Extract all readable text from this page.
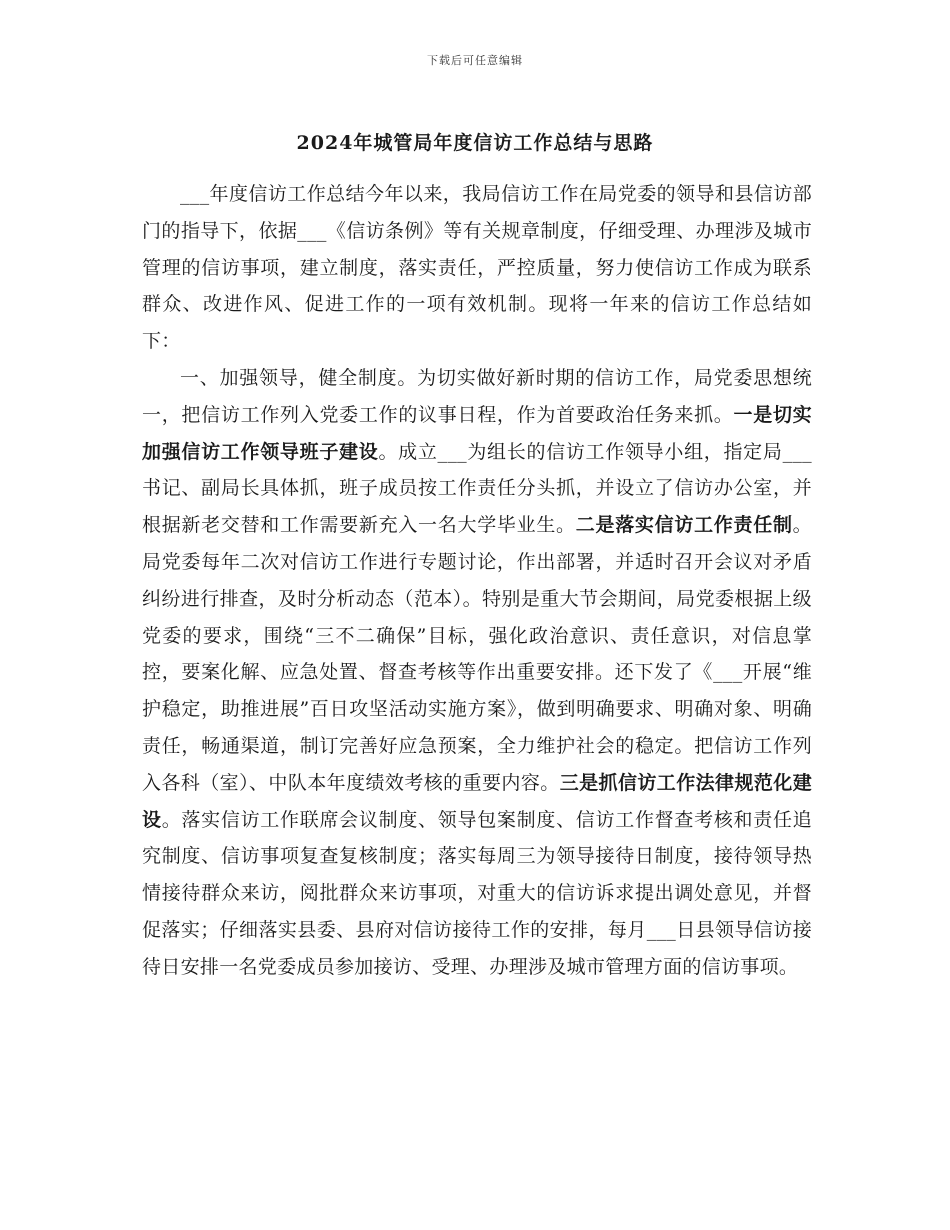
下载后可任意编辑
2024年城管局年度信访工作总结与思路

___年度信访工作总结今年以来，我局信访工作在局党委的领导和县信访部门的指导下，依据___《信访条例》等有关规章制度，仔细受理、办理涉及城市管理的信访事项，建立制度，落实责任，严控质量，努力使信访工作成为联系群众、改进作风、促进工作的一项有效机制。现将一年来的信访工作总结如下：

一、加强领导，健全制度。为切实做好新时期的信访工作，局党委思想统一，把信访工作列入党委工作的议事日程，作为首要政治任务来抓。一是切实加强信访工作领导班子建设。成立___为组长的信访工作领导小组，指定局___书记、副局长具体抓，班子成员按工作责任分头抓，并设立了信访办公室，并根据新老交替和工作需要新充入一名大学毕业生。二是落实信访工作责任制。局党委每年二次对信访工作进行专题讨论，作出部署，并适时召开会议对矛盾纠纷进行排查，及时分析动态（范本）。特别是重大节会期间，局党委根据上级党委的要求，围绕“三不二确保”目标，强化政治意识、责任意识，对信息掌控，要案化解、应急处置、督查考核等作出重要安排。还下发了《___开展“维护稳定，助推进展”百日攻坚活动实施方案》，做到明确要求、明确对象、明确责任，畅通渠道，制订完善好应急预案，全力维护社会的稳定。把信访工作列入各科（室）、中队本年度绩效考核的重要内容。三是抓信访工作法律规范化建设。落实信访工作联席会议制度、领导包案制度、信访工作督查考核和责任追究制度、信访事项复查复核制度；落实每周三为领导接待日制度，接待领导热情接待群众来访，阅批群众来访事项，对重大的信访诉求提出调处意见，并督促落实；仔细落实县委、县府对信访接待工作的安排，每月___日县领导信访接待日安排一名党委成员参加接访、受理、办理涉及城市管理方面的信访事项。
